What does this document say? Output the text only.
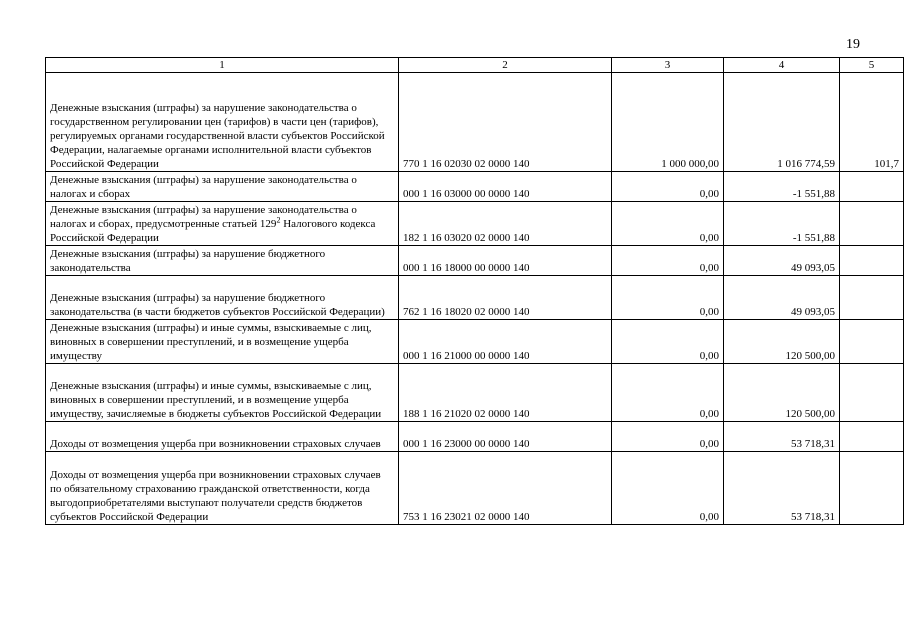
19
1	2	3	4	5
Денежные взыскания (штрафы) за нарушение законодательства о государственном регулировании цен (тарифов) в части цен (тарифов), регулируемых органами государственной власти субъектов Российской Федерации, налагаемые органами исполнительной власти субъектов Российской Федерации	770 1 16 02030 02 0000 140	1 000 000,00	1 016 774,59	101,7
Денежные взыскания (штрафы) за нарушение законодательства о налогах и сборах	000 1 16 03000 00 0000 140	0,00	-1 551,88	
Денежные взыскания (штрафы) за нарушение законодательства о налогах и сборах, предусмотренные статьей $129^2$ Налогового кодекса Российской Федерации	182 1 16 03020 02 0000 140	0,00	-1 551,88	
Денежные взыскания (штрафы) за нарушение бюджетного законодательства	000 1 16 18000 00 0000 140	0,00	49 093,05	
Денежные взыскания (штрафы) за нарушение бюджетного законодательства (в части бюджетов субъектов Российской Федерации)	762 1 16 18020 02 0000 140	0,00	49 093,05	
Денежные взыскания (штрафы) и иные суммы, взыскиваемые с лиц, виновных в совершении преступлений, и в возмещение ущерба имуществу	000 1 16 21000 00 0000 140	0,00	120 500,00	
Денежные взыскания (штрафы) и иные суммы, взыскиваемые с лиц, виновных в совершении преступлений, и в возмещение ущерба имуществу, зачисляемые в бюджеты субъектов Российской Федерации	188 1 16 21020 02 0000 140	0,00	120 500,00	
Доходы от возмещения ущерба при возникновении страховых случаев	000 1 16 23000 00 0000 140	0,00	53 718,31	
Доходы от возмещения ущерба при возникновении страховых случаев по обязательному страхованию гражданской ответственности, когда выгодоприобретателями выступают получатели средств бюджетов субъектов Российской Федерации	753 1 16 23021 02 0000 140	0,00	53 718,31	
